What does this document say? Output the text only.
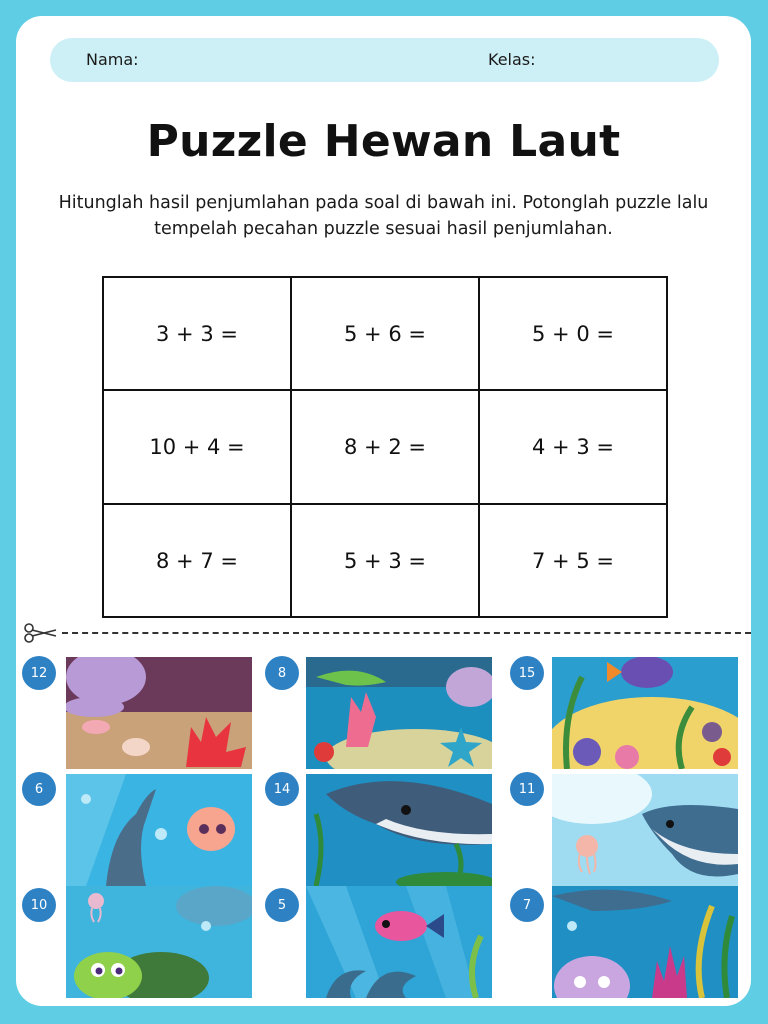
Nama:	Kelas:
Puzzle Hewan Laut
Hitunglah hasil penjumlahan pada soal di bawah ini. Potonglah puzzle lalu tempelah pecahan puzzle sesuai hasil penjumlahan.
3 + 3 =	5 + 6 =	5 + 0 =
10 + 4 =	8 + 2 =	4 + 3 =
8 + 7 =	5 + 3 =	7 + 5 =
12	8	15
6	14	11
10	5	7
